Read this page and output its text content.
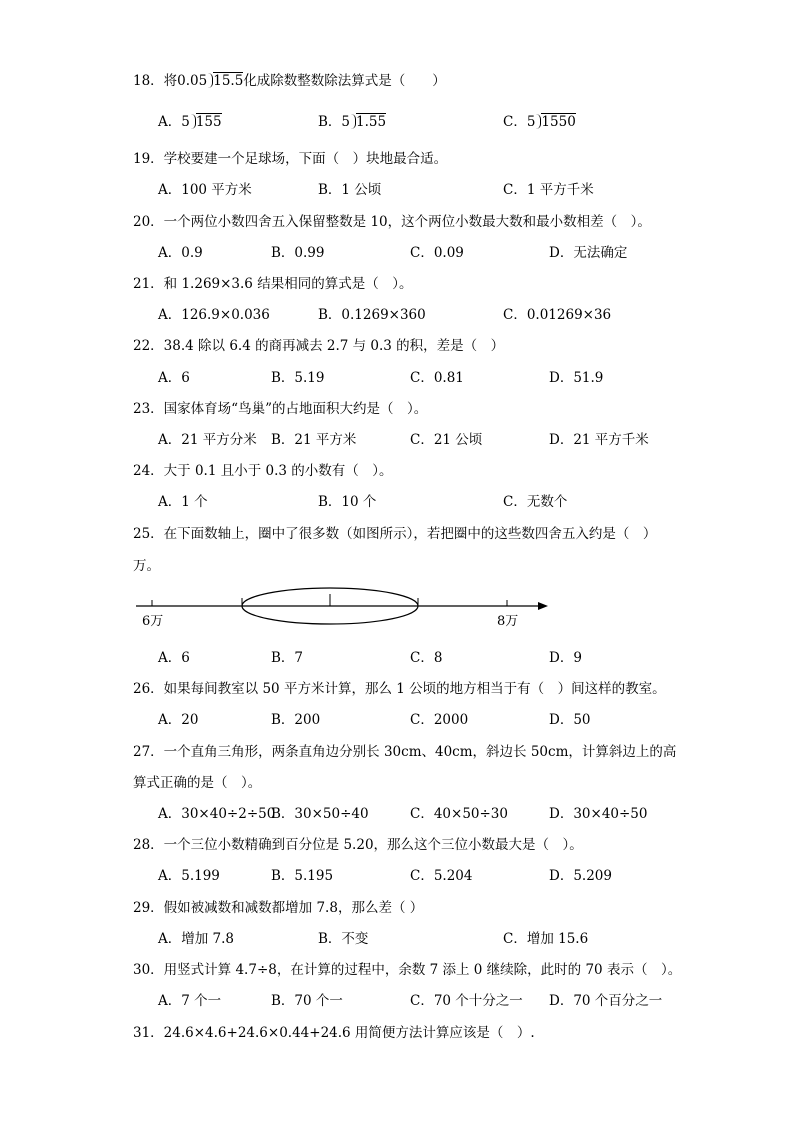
18．将0.05 15.5化成除数整数除法算式是（　　）
A．5 155	B．5 1.55	C．5 1550
19．学校要建一个足球场，下面（　）块地最合适。
A．100 平方米	B．1 公顷	C．1 平方千米
20．一个两位小数四舍五入保留整数是 10，这个两位小数最大数和最小数相差（　）。
A．0.9	B．0.99	C．0.09	D．无法确定
21．和 1.269×3.6 结果相同的算式是（　）。
A．126.9×0.036	B．0.1269×360	C．0.01269×36
22．38.4 除以 6.4 的商再减去 2.7 与 0.3 的积，差是（　）
A．6	B．5.19	C．0.81	D．51.9
23．国家体育场“鸟巢”的占地面积大约是（　）。
A．21 平方分米 B．21 平方米	C．21 公顷	D．21 平方千米
24．大于 0.1 且小于 0.3 的小数有（　）。
A．1 个	B．10 个	C．无数个
25．在下面数轴上，圈中了很多数（如图所示），若把圈中的这些数四舍五入约是（　）
万。
6万	8万
A．6	B．7	C．8	D．9
26．如果每间教室以 50 平方米计算，那么 1 公顷的地方相当于有（　）间这样的教室。
A．20	B．200	C．2000	D．50
27．一个直角三角形，两条直角边分别长 30cm、40cm，斜边长 50cm，计算斜边上的高
算式正确的是（　）。
A．30×40÷2÷50
B．30×50÷40	C．40×50÷30	D．30×40÷50
28．一个三位小数精确到百分位是 5.20，那么这个三位小数最大是（　）。
A．5.199	B．5.195	C．5.204	D．5.209
29．假如被减数和减数都增加 7.8，那么差（ ）
A．增加 7.8	B．不变	C．增加 15.6
30．用竖式计算 4.7÷8，在计算的过程中，余数 7 添上 0 继续除，此时的 70 表示（　）。
A．7 个一	B．70 个一	C．70 个十分之一 D．70 个百分之一
31．24.6×4.6+24.6×0.44+24.6 用简便方法计算应该是（　）.
